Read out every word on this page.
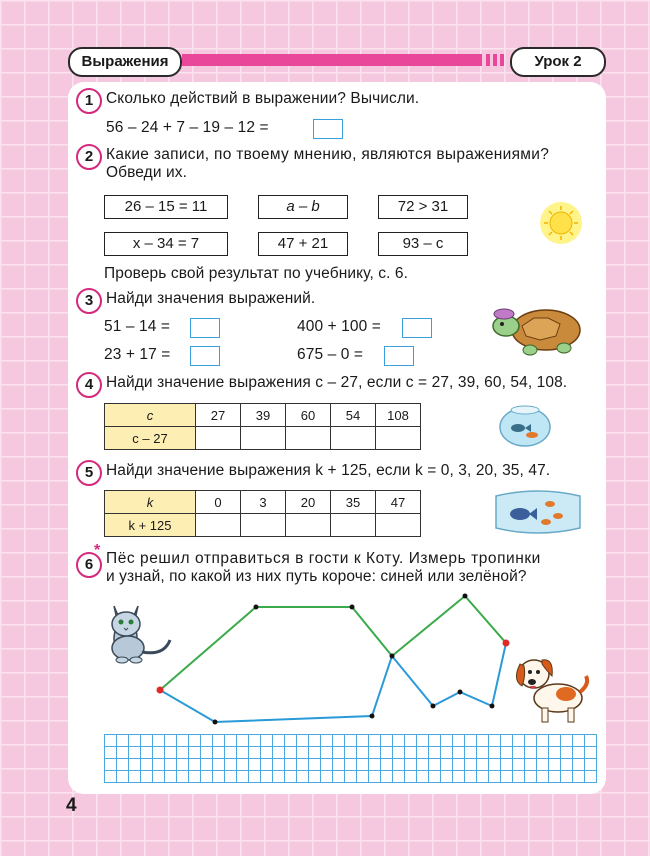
Выражения	Урок 2
1 Сколько действий в выражении? Вычисли.
56 – 24 + 7 – 19 – 12 =
2 Какие записи, по твоему мнению, являются выражениями?
Обведи их.
26 – 15 = 11	a – b	72 > 31
x – 34 = 7	47 + 21	93 – c
Проверь свой результат по учебнику, с. 6.
3 Найди значения выражений.
51 – 14 =	400 + 100 =
23 + 17 =	675 – 0 =
4 Найди значение выражения c – 27, если c = 27, 39, 60, 54, 108.
c	27	39	60	54	108
c – 27					
5 Найди значение выражения k + 125, если k = 0, 3, 20, 35, 47.
k	0	3	20	35	47
k + 125					
6
* Пёс решил отправиться в гости к Коту. Измерь тропинки
и узнай, по какой из них путь короче: синей или зелёной?
4
